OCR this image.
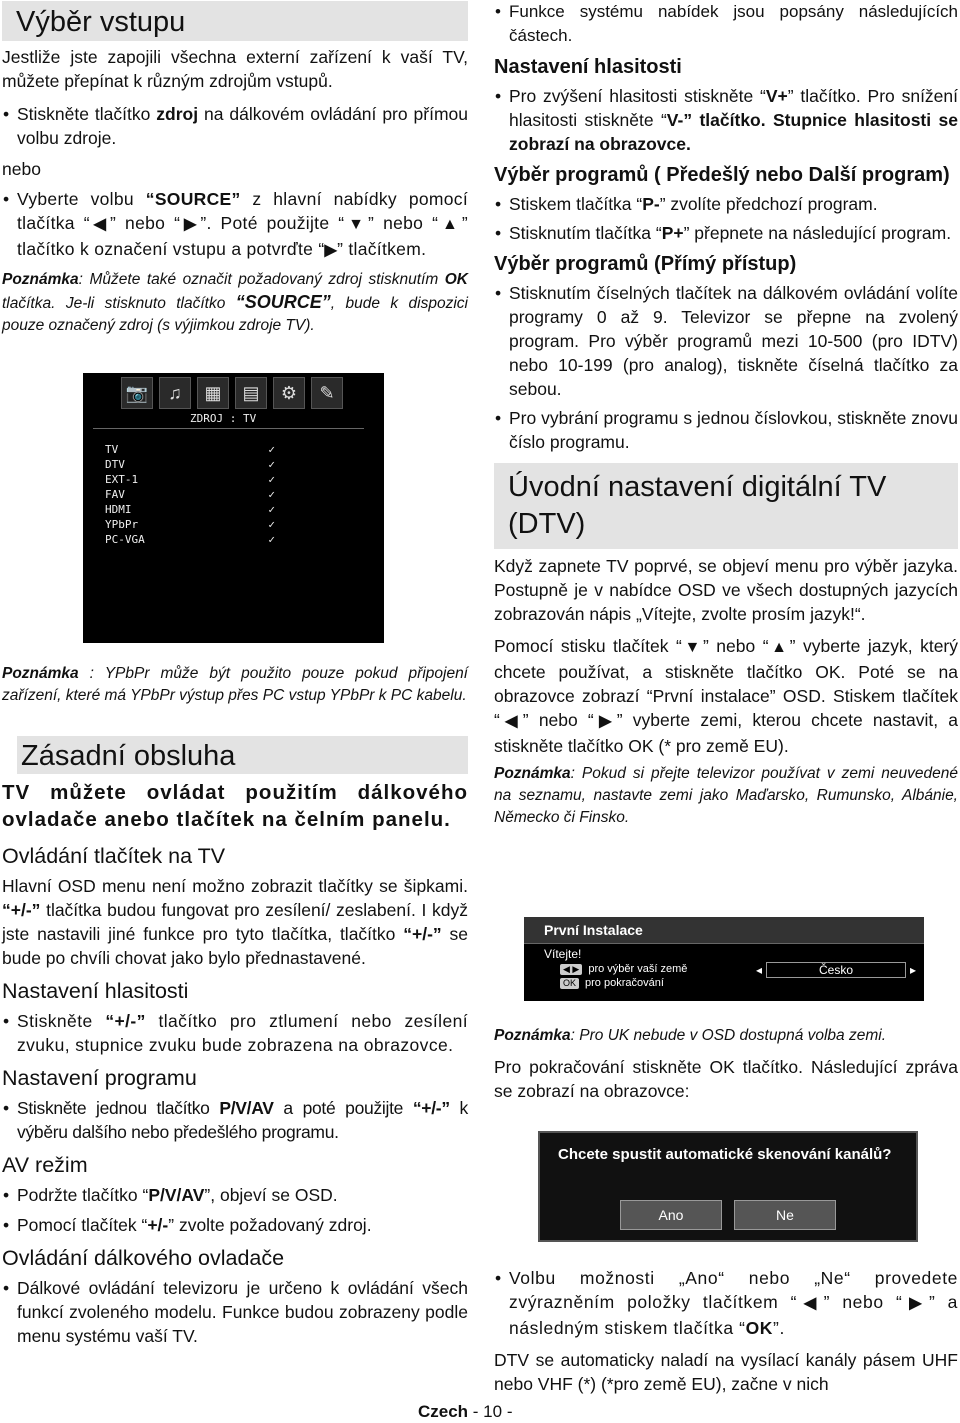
Výběr vstupu

Jestliže jste zapojili všechna externí zařízení k vaší TV, můžete přepínat k různým zdrojům vstupů.

• Stiskněte tlačítko zdroj na dálkovém ovládání pro přímou volbu zdroje.

nebo

• Vyberte volbu “SOURCE” z hlavní nabídky pomocí tlačítka “◀” nebo “▶”. Poté použijte “▼” nebo “▲” tlačítko k označení vstupu a potvrďte “▶” tlačítkem.
Poznámka: Můžete také označit požadovaný zdroj stisknutím OK tlačítka. Je-li stisknuto tlačítko “SOURCE”, bude k dispozici pouze označený zdroj (s výjimkou zdroje TV).
Poznámka : YPbPr může být použito pouze pokud připojení zařízení, které má YPbPr výstup přes PC vstup YPbPr k PC kabelu.
Zásadní obsluha
TV můžete ovládat použitím dálkového ovladače anebo tlačítek na čelním panelu.
Ovládání tlačítek na TV

Hlavní OSD menu není možno zobrazit tlačítky se šipkami. “+/-” tlačítka budou fungovat pro zesílení/ zeslabení. I když jste nastavili jiné funkce pro tyto tlačítka, tlačítko “+/-” se bude po chvíli chovat jako bylo přednastavené.

Nastavení hlasitosti
• Stiskněte “+/-” tlačítko pro ztlumení nebo zesílení zvuku, stupnice zvuku bude zobrazena na obrazovce.
Nastavení programu
• Stiskněte jednou tlačítko P/V/AV a poté použijte “+/-” k výběru dalšího nebo předešlého programu.
AV režim
• Podržte tlačítko “P/V/AV”, objeví se OSD.
• Pomocí tlačítek “+/-” zvolte požadovaný zdroj.
Ovládání dálkového ovladače
• Dálkové ovládání televizoru je určeno k ovládání všech funkcí zvoleného modelu. Funkce budou zobrazeny podle menu systému vaší TV.
📷	♫	▦	▤	⚙	✎
ZDROJ : TV
TV	✓
DTV	✓
EXT-1	✓
FAV	✓
HDMI	✓
YPbPr	✓
PC-VGA	✓
• Funkce systému nabídek jsou popsány následujících částech.
Nastavení hlasitosti
• Pro zvýšení hlasitosti stiskněte “V+” tlačítko. Pro snížení hlasitosti stiskněte “V-” tlačítko. Stupnice hlasitosti se zobrazí na obrazovce.
Výběr programů ( Předešlý nebo Další program)
• Stiskem tlačítka “P-” zvolíte předchozí program.
• Stisknutím tlačítka “P+” přepnete na následující program.
Výběr programů (Přímý přístup)
• Stisknutím číselných tlačítek na dálkovém ovládání volíte programy 0 až 9. Televizor se přepne na zvolený program. Pro výběr programů mezi 10-500 (pro IDTV) nebo 10-199 (pro analog), tiskněte číselná tlačítko za sebou.
• Pro vybrání programu s jednou číslovkou, stiskněte znovu číslo programu.
Úvodní nastavení digitální TV (DTV)

Když zapnete TV poprvé, se objeví menu pro výběr jazyka. Postupně je v nabídce OSD ve všech dostupných jazycích zobrazován nápis „Vítejte, zvolte prosím jazyk!“.

Pomocí stisku tlačítek “▼” nebo “▲” vyberte jazyk, který chcete používat, a stiskněte tlačítko OK. Poté se na obrazovce zobrazí “První instalace” OSD. Stiskem tlačítek “◀” nebo “▶” vyberte zemi, kterou chcete nastavit, a stiskněte tlačítko OK (* pro země EU).

Poznámka: Pokud si přejte televizor používat v zemi neuvedené na seznamu, nastavte zemi jako Maďarsko, Rumunsko, Albánie, Německo či Finsko.
Poznámka: Pro UK nebude v OSD dostupná volba zemi.

Pro pokračování stiskněte OK tlačítko. Následující zpráva se zobrazí na obrazovce:

• Volbu možnosti „Ano“ nebo „Ne“ provedete zvýrazněním položky tlačítkem “◀” nebo “▶” a následným stiskem tlačítka “OK”.

DTV se automaticky naladí na vysílací kanály pásem UHF nebo VHF (*) (*pro země EU), začne v nich

První Instalace
Vítejte!
◀ ▶ pro výběr vaší země
OK pro pokračování
◂	Česko	▸
Chcete spustit automatické skenování kanálů?
Ano	Ne
Czech - 10 -
